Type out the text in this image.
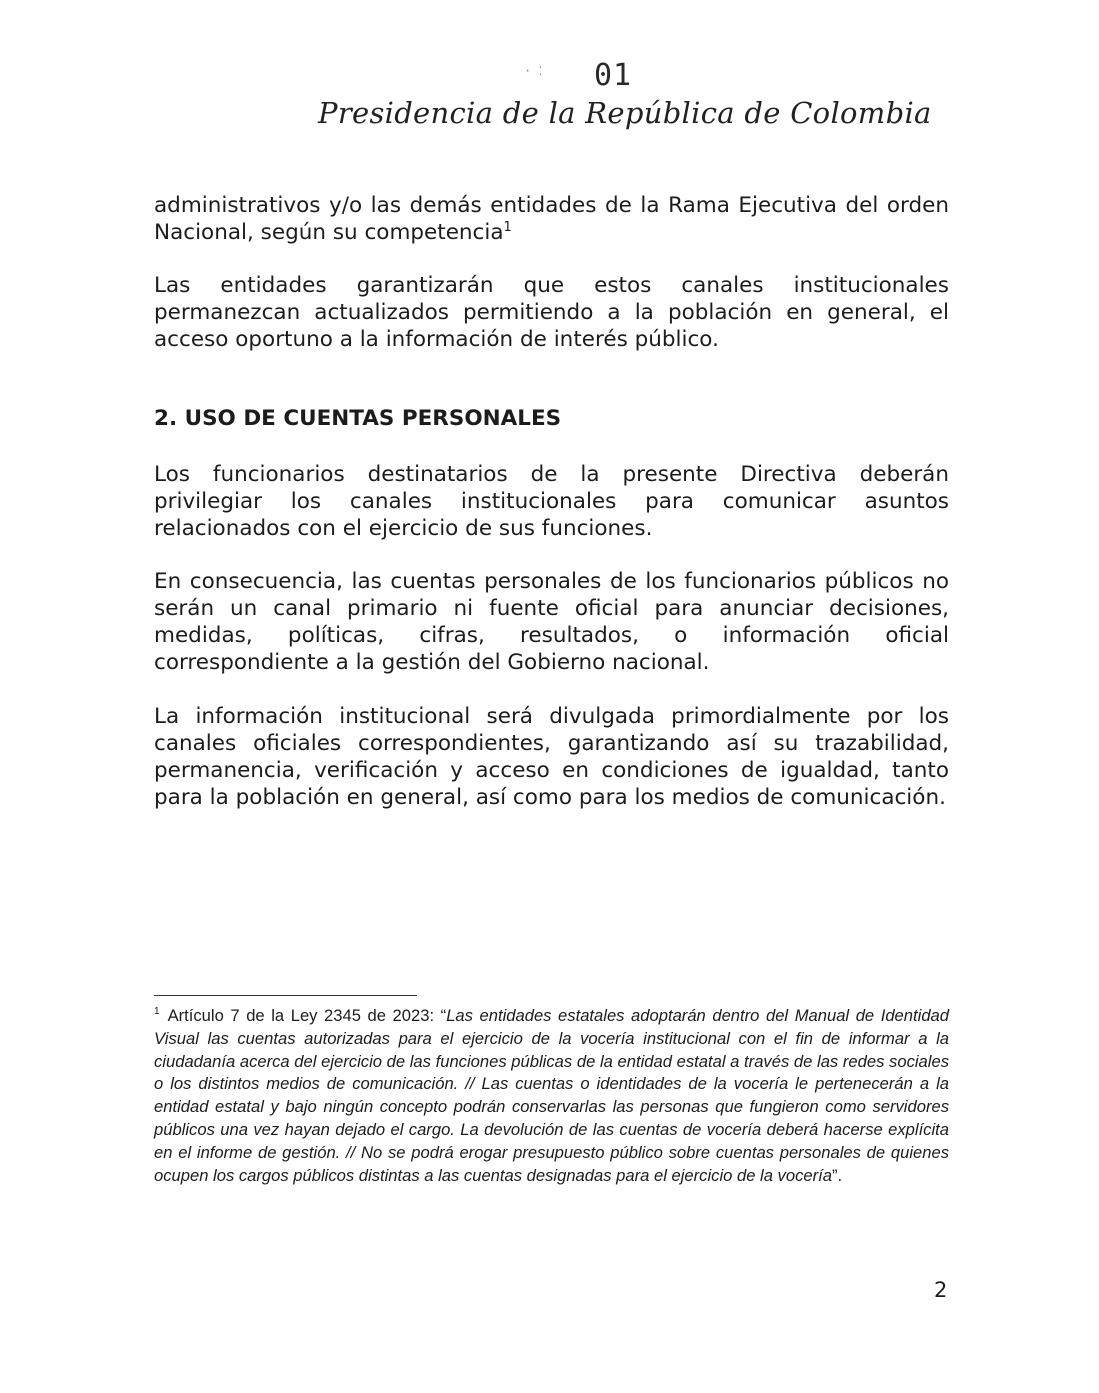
· ⁚ 01
Presidencia de la República de Colombia

administrativos y/o las demás entidades de la Rama Ejecutiva del orden Nacional, según su competencia$^1$

Las entidades garantizarán que estos canales institucionales permanezcan actualizados permitiendo a la población en general, el acceso oportuno a la información de interés público.

2. USO DE CUENTAS PERSONALES

Los funcionarios destinatarios de la presente Directiva deberán privilegiar los canales institucionales para comunicar asuntos relacionados con el ejercicio de sus funciones.

En consecuencia, las cuentas personales de los funcionarios públicos no serán un canal primario ni fuente oficial para anunciar decisiones, medidas, políticas, cifras, resultados, o información oficial correspondiente a la gestión del Gobierno nacional.

La información institucional será divulgada primordialmente por los canales oficiales correspondientes, garantizando así su trazabilidad, permanencia, verificación y acceso en condiciones de igualdad, tanto para la población en general, así como para los medios de comunicación.

$^1$ Artículo 7 de la Ley 2345 de 2023: “Las entidades estatales adoptarán dentro del Manual de Identidad Visual las cuentas autorizadas para el ejercicio de la vocería institucional con el fin de informar a la ciudadanía acerca del ejercicio de las funciones públicas de la entidad estatal a través de las redes sociales o los distintos medios de comunicación. // Las cuentas o identidades de la vocería le pertenecerán a la entidad estatal y bajo ningún concepto podrán conservarlas las personas que fungieron como servidores públicos una vez hayan dejado el cargo. La devolución de las cuentas de vocería deberá hacerse explícita en el informe de gestión. // No se podrá erogar presupuesto público sobre cuentas personales de quienes ocupen los cargos públicos distintas a las cuentas designadas para el ejercicio de la vocería”.

2
